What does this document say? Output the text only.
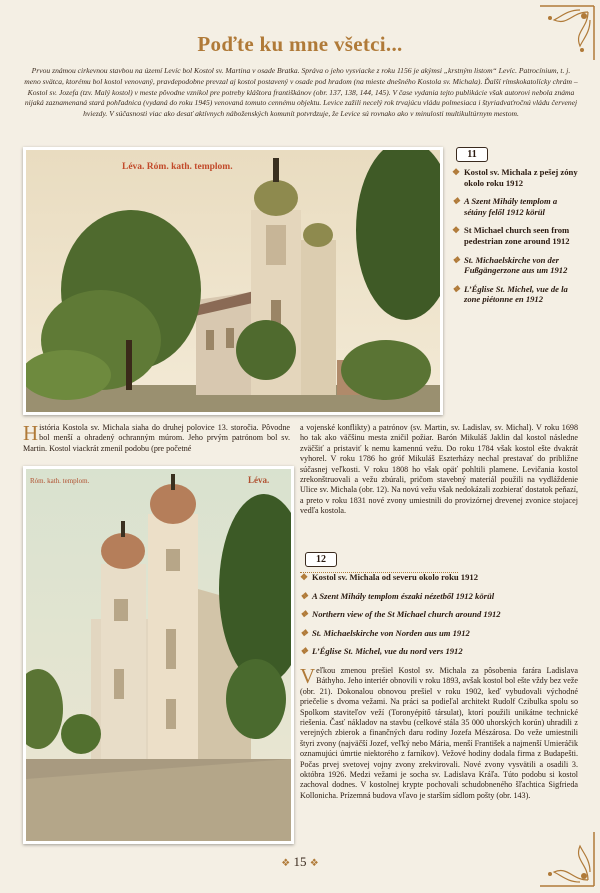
Poďte ku mne všetci...
Prvou známou cirkevnou stavbou na území Levíc bol Kostol sv. Martina v osade Bratka. Správa o jeho vysviacke z roku 1156 je akýmsi „krstným listom“ Levíc. Patrocínium, t. j. meno svätca, ktorému bol kostol venovaný, pravdepodobne prevzal aj kostol postavený v osade pod hradom (na mieste dnešného Kostola sv. Michala). Ďalší rímskokatolícky chrám – Kostol sv. Jozefa (tzv. Malý kostol) v meste pôvodne vznikol pre potreby kláštora františkánov (obr. 137, 138, 144, 145). V čase vydania tejto publikácie však autorovi nebola známa nijaká zaznamenaná stará pohľadnica (vydaná do roku 1945) venovaná tomuto cennému objektu. Levice zažili necelý rok trvajúcu vládu polmesiaca i štyriadvaťročnú vládu červenej hviezdy. V súčasnosti viac ako desať aktívnych náboženských komunít potvrdzuje, že Levice sú rovnako ako v minulosti multikultúrnym mestom.
Léva. Róm. kath. templom.
11
❖ Kostol sv. Michala z pešej zóny okolo roku 1912
❖ A Szent Mihály templom a sétány felől 1912 körül
❖ St Michael church seen from pedestrian zone around 1912
❖ St. Michaelskirche von der Fußgängerzone aus um 1912
❖ L’Église St. Michel, vue de la zone piétonne en 1912
História Kostola sv. Michala siaha do druhej polovice 13. storočia. Pôvodne bol menší a ohradený ochranným múrom. Jeho prvým patrónom bol sv. Martin. Kostol viackrát zmenil podobu (pre početné
a vojenské konflikty) a patrónov (sv. Martin, sv. Ladislav, sv. Michal). V roku 1698 ho tak ako väčšinu mesta zničil požiar. Barón Mikuláš Jaklin dal kostol následne zväčšiť a pristaviť k nemu kamennú vežu. Do roku 1784 však kostol ešte dvakrát vyhorel. V roku 1786 ho gróf Mikuláš Eszterházy nechal prestavať do približne súčasnej veľkosti. V roku 1808 ho však opäť pohltili plamene. Levičania kostol zrekonštruovali a vežu zbúrali, pričom stavebný materiál použili na vydláždenie Ulice sv. Michala (obr. 12). Na novú vežu však nedokázali zozbierať dostatok peňazí, a preto v roku 1831 nové zvony umiestnili do provizórnej drevenej zvonice stojacej vedľa kostola.
Róm. kath. templom.	Léva.
12
❖ Kostol sv. Michala od severu okolo roku 1912
❖ A Szent Mihály templom északi nézetből 1912 körül
❖ Northern view of the St Michael church around 1912
❖ St. Michaelskirche von Norden aus um 1912
❖ L’Église St. Michel, vue du nord vers 1912
Veľkou zmenou prešiel Kostol sv. Michala za pôsobenia farára Ladislava Báthyho. Jeho interiér obnovili v roku 1893, avšak kostol bol ešte vždy bez veže (obr. 21). Dokonalou obnovou prešiel v roku 1902, keď vybudovali východné priečelie s dvoma vežami. Na práci sa podieľal architekt Rudolf Czibulka spolu so Spolkom staviteľov veží (Toronyépítő társulat), ktorí použili unikátne technické riešenia. Časť nákladov na stavbu (celkové stála 35 000 uhorských korún) uhradili z verejných zbierok a finančných daru rodiny Jozefa Mészárosa. Do veže umiestnili štyri zvony (najväčší Jozef, veľký nebo Mária, menší František a najmenší Umieráčik oznamujúci úmrtie niektorého z farníkov). Vežové hodiny dodala firma z Budapešti. Počas prvej svetovej vojny zvony zrekvirovali. Nové zvony vysvätili a osadili 3. októbra 1926. Medzi vežami je socha sv. Ladislava Kráľa. Túto podobu si kostol zachoval dodnes. V kostolnej krypte pochovali schudobneného šľachtica Sigfrieda Kollonicha. Prízemná budova vľavo je starším sídlom pošty (obr. 143).
❖ 15 ❖
